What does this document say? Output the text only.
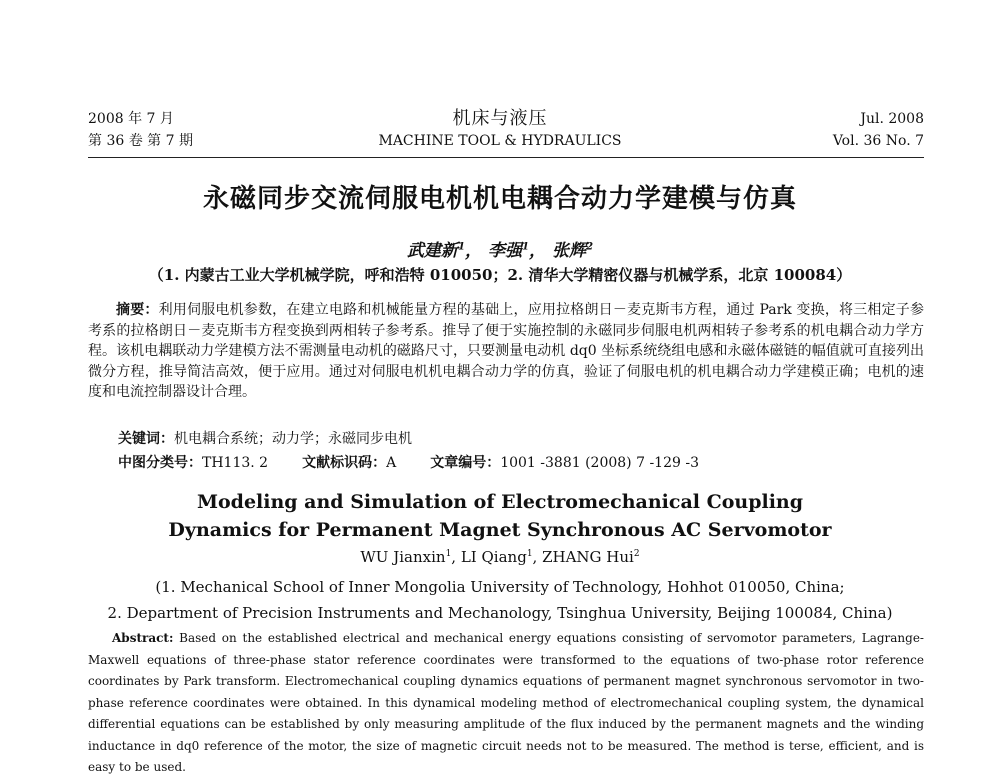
2008 年 7 月
第 36 卷 第 7 期
机床与液压
MACHINE TOOL & HYDRAULICS
Jul. 2008
Vol. 36 No. 7
永磁同步交流伺服电机机电耦合动力学建模与仿真
武建新$^1$， 李强$^1$， 张辉$^2$
（1. 内蒙古工业大学机械学院，呼和浩特 010050；2. 清华大学精密仪器与机械学系，北京 100084）
摘要：利用伺服电机参数，在建立电路和机械能量方程的基础上，应用拉格朗日－麦克斯韦方程，通过 Park 变换，将三相定子参考系的拉格朗日－麦克斯韦方程变换到两相转子参考系。推导了便于实施控制的永磁同步伺服电机两相转子参考系的机电耦合动力学方程。该机电耦联动力学建模方法不需测量电动机的磁路尺寸，只要测量电动机 dq0 坐标系统绕组电感和永磁体磁链的幅值就可直接列出微分方程，推导简洁高效，便于应用。通过对伺服电机机电耦合动力学的仿真，验证了伺服电机的机电耦合动力学建模正确；电机的速度和电流控制器设计合理。
关键词：机电耦合系统；动力学；永磁同步电机
中图分类号：TH113. 2 文献标识码：A 文章编号：1001 -3881 (2008) 7 -129 -3
Modeling and Simulation of Electromechanical Coupling
Dynamics for Permanent Magnet Synchronous AC Servomotor
WU Jianxin$^1$, LI Qiang$^1$, ZHANG Hui$^2$
(1. Mechanical School of Inner Mongolia University of Technology, Hohhot 010050, China;
2. Department of Precision Instruments and Mechanology, Tsinghua University, Beijing 100084, China)
Abstract: Based on the established electrical and mechanical energy equations consisting of servomotor parameters, Lagrange-Maxwell equations of three-phase stator reference coordinates were transformed to the equations of two-phase rotor reference coordinates by Park transform. Electromechanical coupling dynamics equations of permanent magnet synchronous servomotor in two-phase reference coordinates were obtained. In this dynamical modeling method of electromechanical coupling system, the dynamical differential equations can be established by only measuring amplitude of the flux induced by the permanent magnets and the winding inductance in dq0 reference of the motor, the size of magnetic circuit needs not to be measured. The method is terse, efficient, and is easy to be used.
